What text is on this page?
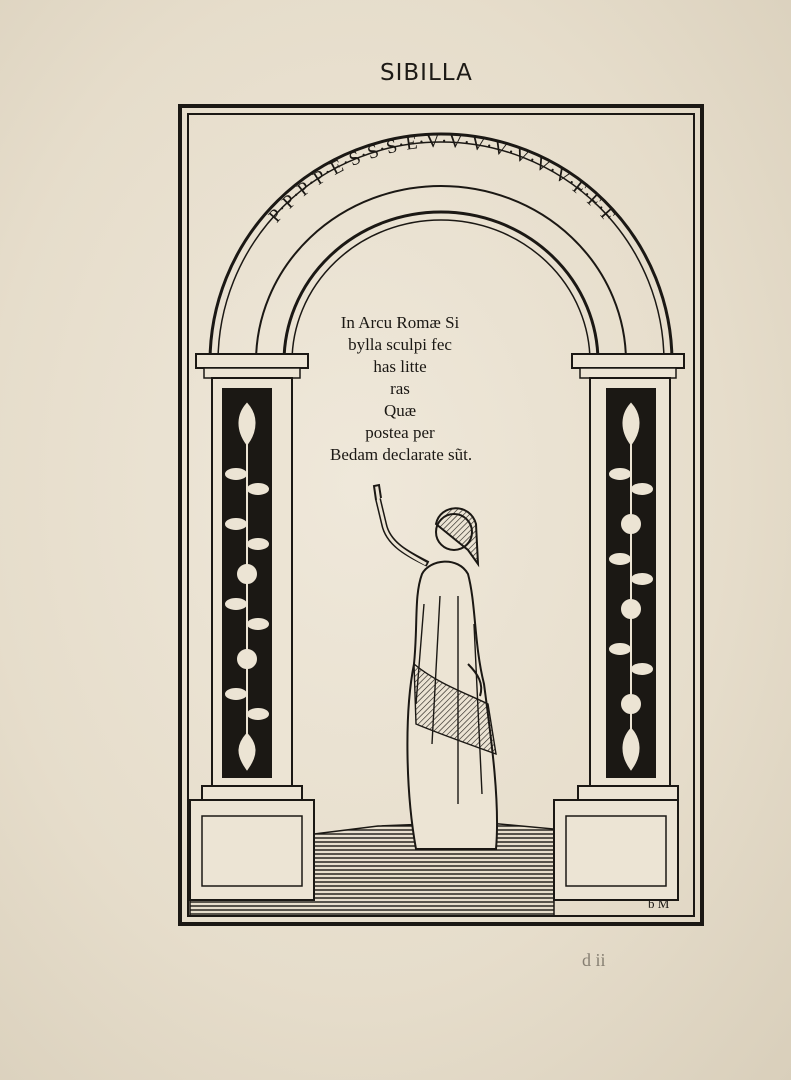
SIBILLA
P·P·P·P·E·S·S·S·E·V·V·V·V·V·V·V·F·F·F
b M
In Arcu Romæ Si
bylla sculpi fec
has litte
ras
Quæ
postea per
Bedam declarate sũt.
d ii
